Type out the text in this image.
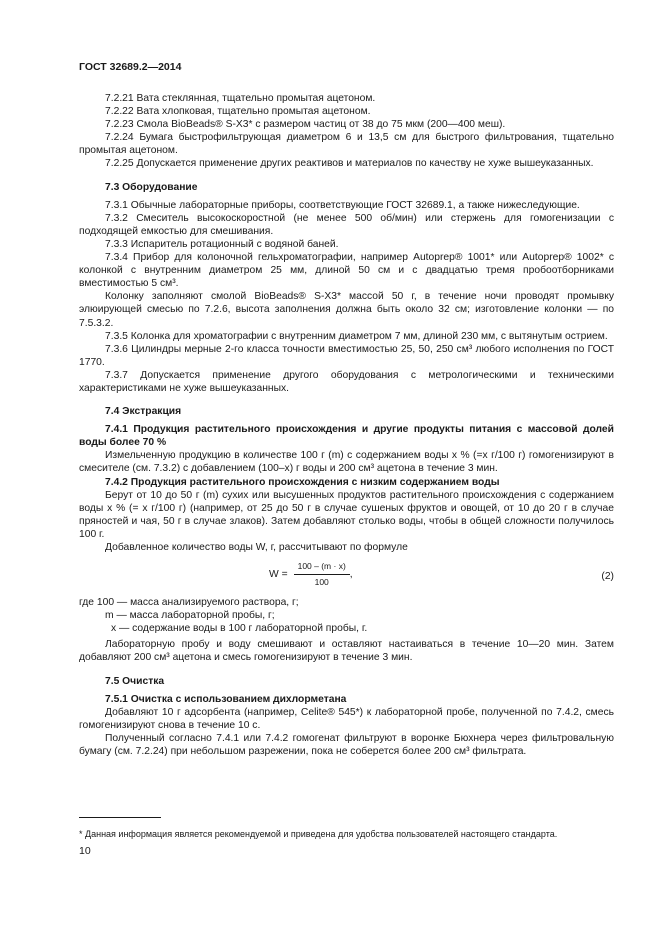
ГОСТ 32689.2—2014

7.2.21 Вата стеклянная, тщательно промытая ацетоном.

7.2.22 Вата хлопковая, тщательно промытая ацетоном.

7.2.23 Смола BioBeads® S-X3* с размером частиц от 38 до 75 мкм (200—400 меш).

7.2.24 Бумага быстрофильтрующая диаметром 6 и 13,5 см для быстрого фильтрования, тщательно промытая ацетоном.

7.2.25 Допускается применение других реактивов и материалов по качеству не хуже вышеуказанных.

7.3 Оборудование

7.3.1 Обычные лабораторные приборы, соответствующие ГОСТ 32689.1, а также нижеследующие.

7.3.2 Смеситель высокоскоростной (не менее 500 об/мин) или стержень для гомогенизации с подходящей емкостью для смешивания.

7.3.3 Испаритель ротационный с водяной баней.

7.3.4 Прибор для колоночной гельхроматографии, например Autoprep® 1001* или Autoprep® 1002* с колонкой с внутренним диаметром 25 мм, длиной 50 см и с двадцатью тремя пробоотборниками вместимостью 5 см³.

Колонку заполняют смолой BioBeads® S-X3* массой 50 г, в течение ночи проводят промывку элюирующей смесью по 7.2.6, высота заполнения должна быть около 32 см; изготовление колонки — по 7.5.3.2.

7.3.5 Колонка для хроматографии с внутренним диаметром 7 мм, длиной 230 мм, с вытянутым острием.

7.3.6 Цилиндры мерные 2-го класса точности вместимостью 25, 50, 250 см³ любого исполнения по ГОСТ 1770.

7.3.7 Допускается применение другого оборудования с метрологическими и техническими характеристиками не хуже вышеуказанных.

7.4 Экстракция

7.4.1 Продукция растительного происхождения и другие продукты питания с массовой долей воды более 70 %

Измельченную продукцию в количестве 100 г (m) с содержанием воды x % (=x г/100 г) гомогенизируют в смесителе (см. 7.3.2) с добавлением (100–x) г воды и 200 см³ ацетона в течение 3 мин.

7.4.2 Продукция растительного происхождения с низким содержанием воды

Берут от 10 до 50 г (m) сухих или высушенных продуктов растительного происхождения с содержанием воды x % (= x г/100 г) (например, от 25 до 50 г в случае сушеных фруктов и овощей, от 10 до 20 г в случае пряностей и чая, 50 г в случае злаков). Затем добавляют столько воды, чтобы в общей сложности получилось 100 г.

Добавленное количество воды W, г, рассчитывают по формуле

$W = \frac{100 - (m \cdot x)}{100}$ ,	(2)

где 100 — масса анализируемого раствора, г;

m — масса лабораторной пробы, г;

x — содержание воды в 100 г лабораторной пробы, г.

Лабораторную пробу и воду смешивают и оставляют настаиваться в течение 10—20 мин. Затем добавляют 200 см³ ацетона и смесь гомогенизируют в течение 3 мин.

7.5 Очистка

7.5.1 Очистка с использованием дихлорметана

Добавляют 10 г адсорбента (например, Celite® 545*) к лабораторной пробе, полученной по 7.4.2, смесь гомогенизируют снова в течение 10 с.

Полученный согласно 7.4.1 или 7.4.2 гомогенат фильтруют в воронке Бюхнера через фильтровальную бумагу (см. 7.2.24) при небольшом разрежении, пока не соберется более 200 см³ фильтрата.

* Данная информация является рекомендуемой и приведена для удобства пользователей настоящего стандарта.

10
